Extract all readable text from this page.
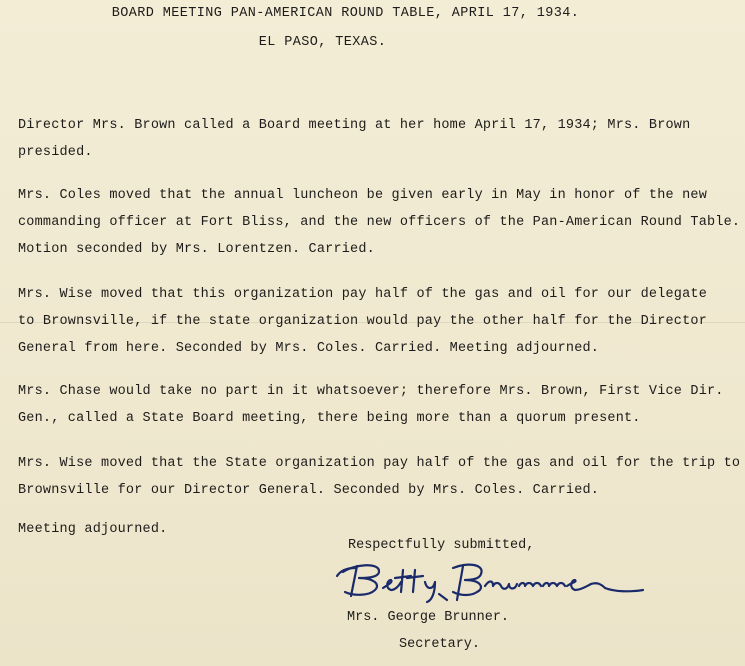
BOARD MEETING PAN-AMERICAN ROUND TABLE, APRIL 17, 1934.
EL PASO, TEXAS.
Director Mrs. Brown called a Board meeting at her home April 17, 1934; Mrs. Brown
presided.
Mrs. Coles moved that the annual luncheon be given early in May in honor of the new
commanding officer at Fort Bliss, and the new officers of the Pan-American Round Table.
Motion seconded by Mrs. Lorentzen. Carried.
Mrs. Wise moved that this organization pay half of the gas and oil for our delegate
to Brownsville, if the state organization would pay the other half for the Director
General from here. Seconded by Mrs. Coles. Carried. Meeting adjourned.
Mrs. Chase would take no part in it whatsoever; therefore Mrs. Brown, First Vice Dir.
Gen., called a State Board meeting, there being more than a quorum present.
Mrs. Wise moved that the State organization pay half of the gas and oil for the trip to
Brownsville for our Director General. Seconded by Mrs. Coles. Carried.
Meeting adjourned.
Respectfully submitted,
Mrs. George Brunner.
Secretary.
